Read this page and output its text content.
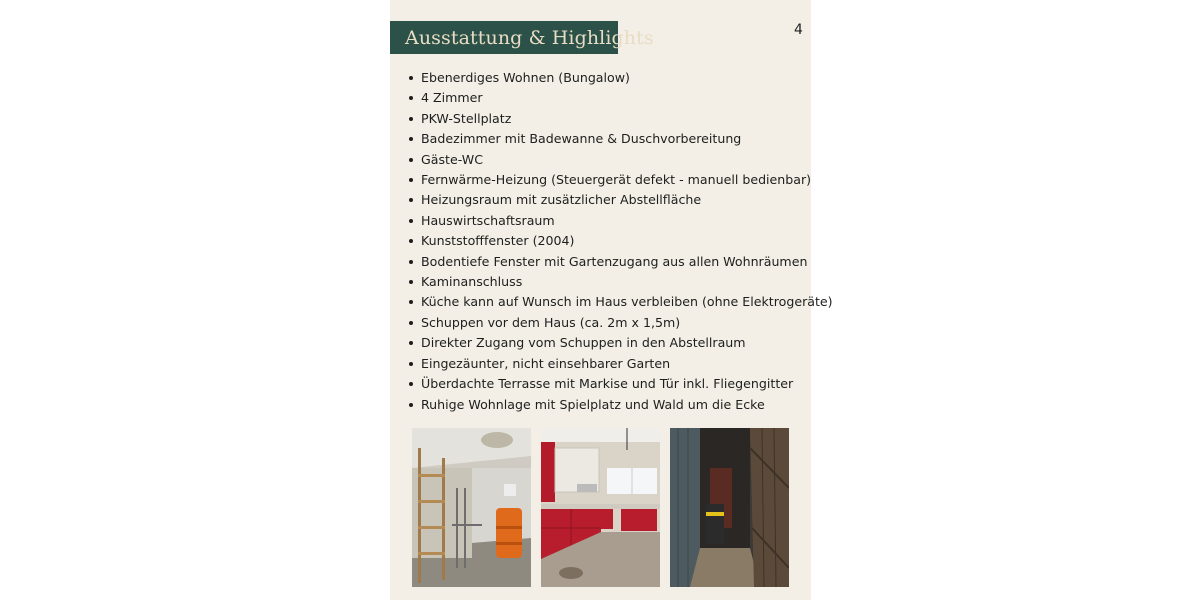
Ausstattung & Highlights	4
Ebenerdiges Wohnen (Bungalow)
4 Zimmer
PKW-Stellplatz
Badezimmer mit Badewanne & Duschvorbereitung
Gäste-WC
Fernwärme-Heizung (Steuergerät defekt - manuell bedienbar)
Heizungsraum mit zusätzlicher Abstellfläche
Hauswirtschaftsraum
Kunststofffenster (2004)
Bodentiefe Fenster mit Gartenzugang aus allen Wohnräumen
Kaminanschluss
Küche kann auf Wunsch im Haus verbleiben (ohne Elektrogeräte)
Schuppen vor dem Haus (ca. 2m x 1,5m)
Direkter Zugang vom Schuppen in den Abstellraum
Eingezäunter, nicht einsehbarer Garten
Überdachte Terrasse mit Markise und Tür inkl. Fliegengitter
Ruhige Wohnlage mit Spielplatz und Wald um die Ecke
